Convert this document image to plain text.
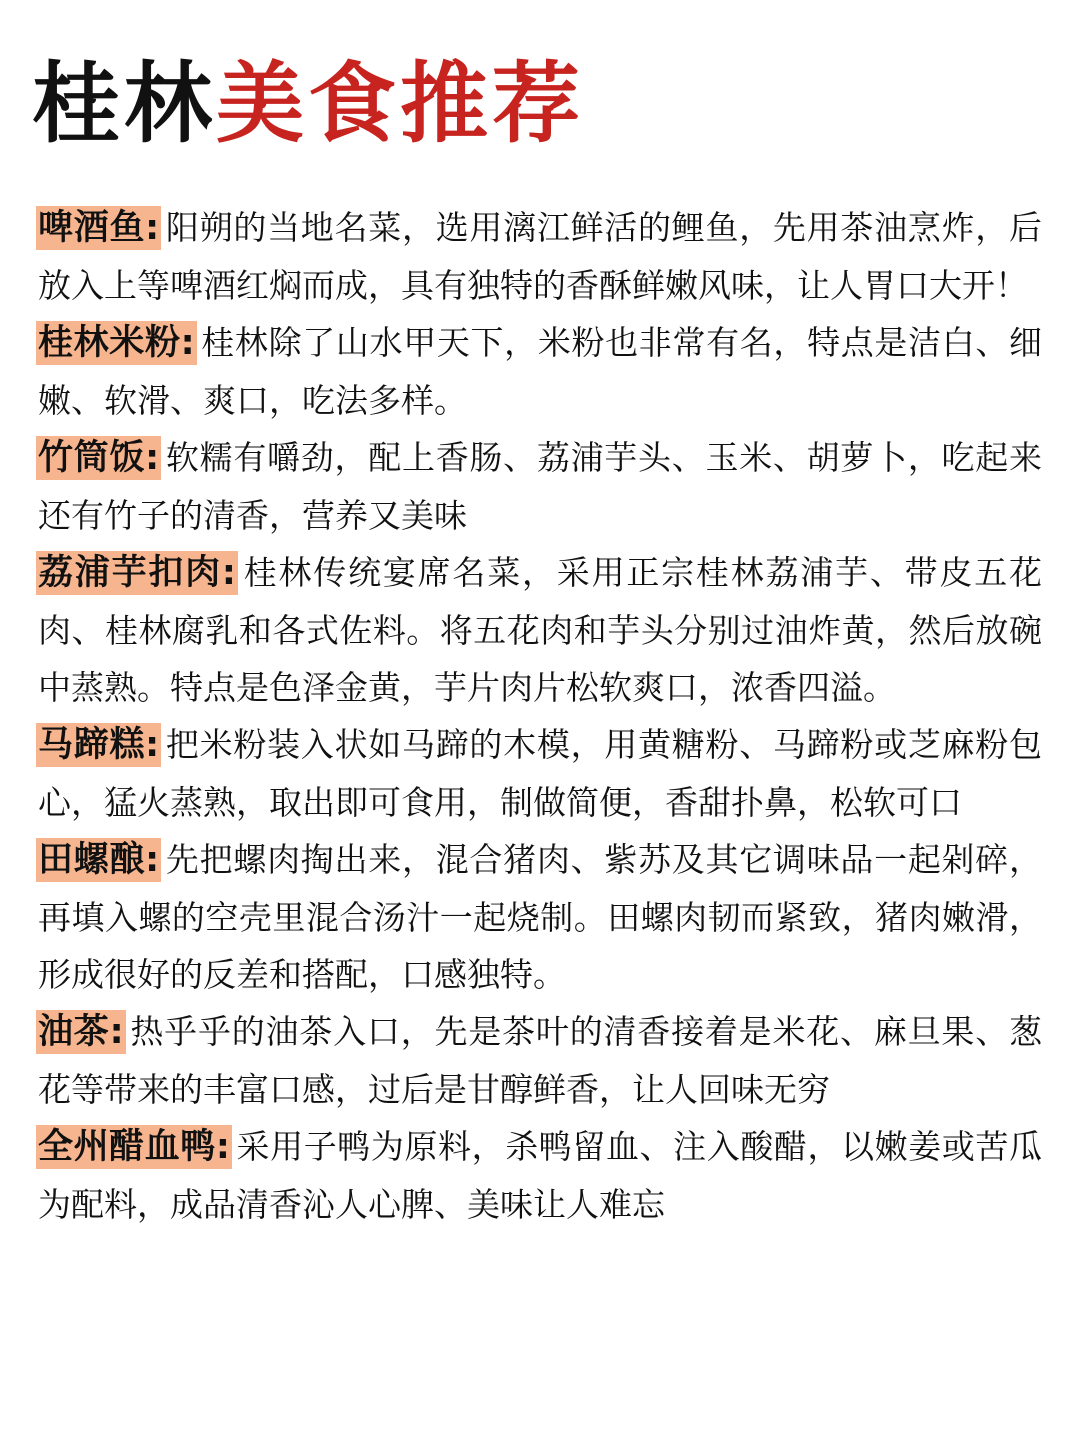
桂林美食推荐

啤酒鱼: 阳朔的当地名菜，选用漓江鲜活的鲤鱼，先用茶油烹炸，后放入上等啤酒红焖而成，具有独特的香酥鲜嫩风味，让人胃口大开！

桂林米粉: 桂林除了山水甲天下，米粉也非常有名，特点是洁白、细嫩、软滑、爽口，吃法多样。

竹筒饭: 软糯有嚼劲，配上香肠、荔浦芋头、玉米、胡萝卜，吃起来还有竹子的清香，营养又美味

荔浦芋扣肉: 桂林传统宴席名菜，采用正宗桂林荔浦芋、带皮五花肉、桂林腐乳和各式佐料。将五花肉和芋头分别过油炸黄，然后放碗中蒸熟。特点是色泽金黄，芋片肉片松软爽口，浓香四溢。

马蹄糕: 把米粉装入状如马蹄的木模，用黄糖粉、马蹄粉或芝麻粉包心，猛火蒸熟，取出即可食用，制做简便，香甜扑鼻，松软可口

田螺酿: 先把螺肉掏出来，混合猪肉、紫苏及其它调味品一起剁碎，再填入螺的空壳里混合汤汁一起烧制。田螺肉韧而紧致，猪肉嫩滑，形成很好的反差和搭配，口感独特。

油茶: 热乎乎的油茶入口，先是茶叶的清香接着是米花、麻旦果、葱花等带来的丰富口感，过后是甘醇鲜香，让人回味无穷

全州醋血鸭: 采用子鸭为原料，杀鸭留血、注入酸醋，以嫩姜或苦瓜为配料，成品清香沁人心脾、美味让人难忘
